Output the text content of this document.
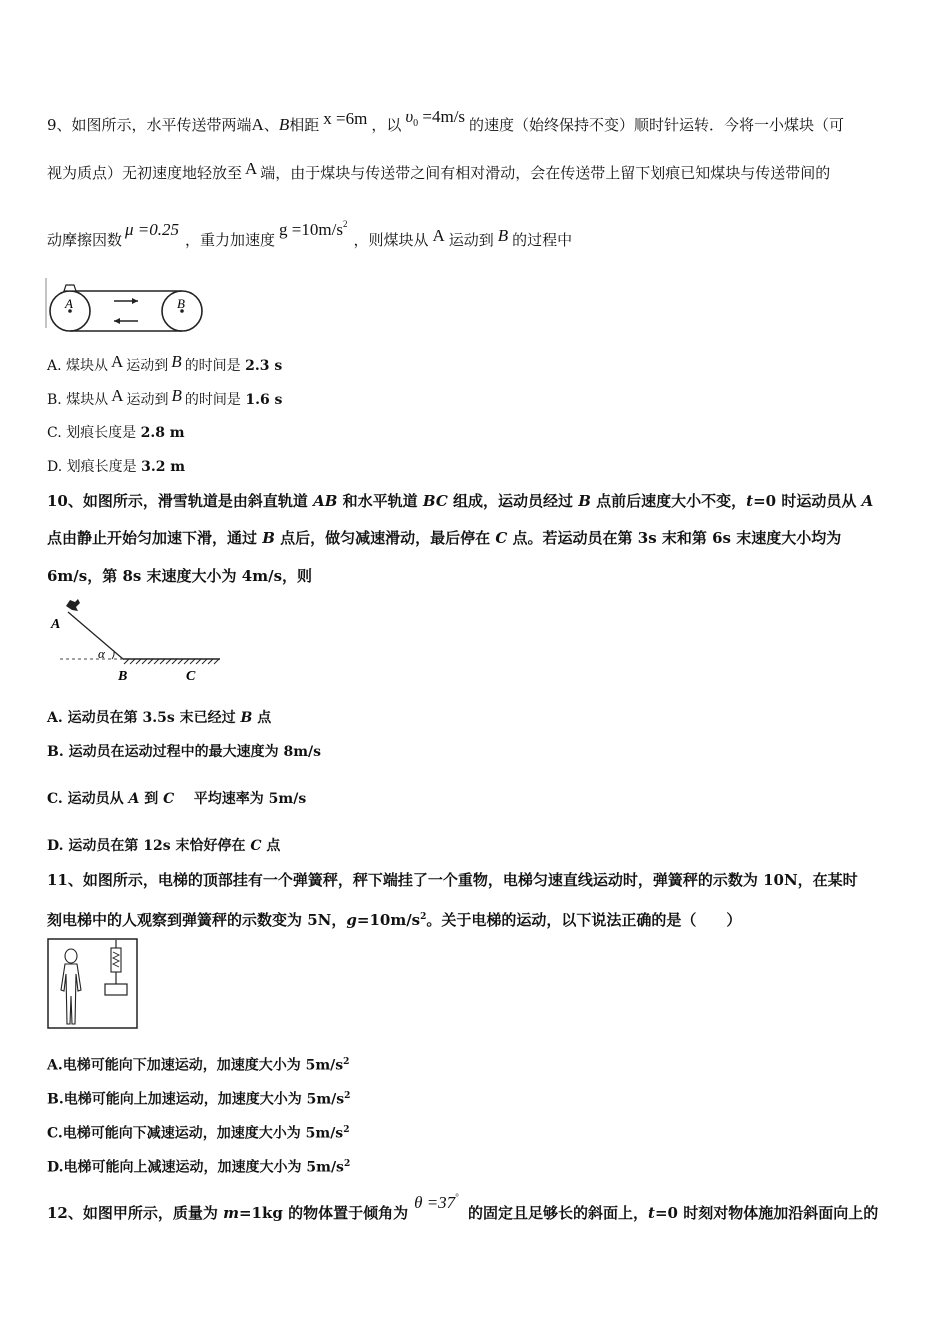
9、如图所示，水平传送带两端A、B相距 x =6m ，以 $\upsilon^0 =4m/s$ 的速度（始终保持不变）顺时针运转．今将一小煤块（可
视为质点）无初速度地轻放至 A 端，由于煤块与传送带之间有相对滑动，会在传送带上留下划痕已知煤块与传送带间的
动摩擦因数μ =0.25，重力加速度$g =10m/s^2$，则煤块从 A 运动到 B 的过程中
A	B
A. 煤块从 A 运动到 B 的时间是 2.3 s
B. 煤块从 A 运动到 B 的时间是 1.6 s
C. 划痕长度是 2.8 m
D. 划痕长度是 3.2 m
10、如图所示，滑雪轨道是由斜直轨道 AB 和水平轨道 BC 组成，运动员经过 B 点前后速度大小不变，t=0 时运动员从 A
点由静止开始匀加速下滑，通过 B 点后，做匀减速滑动，最后停在 C 点。若运动员在第 3s 末和第 6s 末速度大小均为
6m/s，第 8s 末速度大小为 4m/s，则
A
α
B	C
A. 运动员在第 3.5s 末已经过 B 点
B. 运动员在运动过程中的最大速度为 8m/s
C. 运动员从 A 到 C    平均速率为 5m/s
D. 运动员在第 12s 末恰好停在 C 点
11、如图所示，电梯的顶部挂有一个弹簧秤，秤下端挂了一个重物，电梯匀速直线运动时，弹簧秤的示数为 10N，在某时
刻电梯中的人观察到弹簧秤的示数变为 5N，$g=10m/s^2$。关于电梯的运动，以下说法正确的是（　　）
A.电梯可能向下加速运动，加速度大小为 $5m/s^2$
B.电梯可能向上加速运动，加速度大小为 $5m/s^2$
C.电梯可能向下减速运动，加速度大小为 $5m/s^2$
D.电梯可能向上减速运动，加速度大小为 $5m/s^2$
12、如图甲所示，质量为 m=1kg 的物体置于倾角为θ =37° 的固定且足够长的斜面上，t=0 时刻对物体施加沿斜面向上的
